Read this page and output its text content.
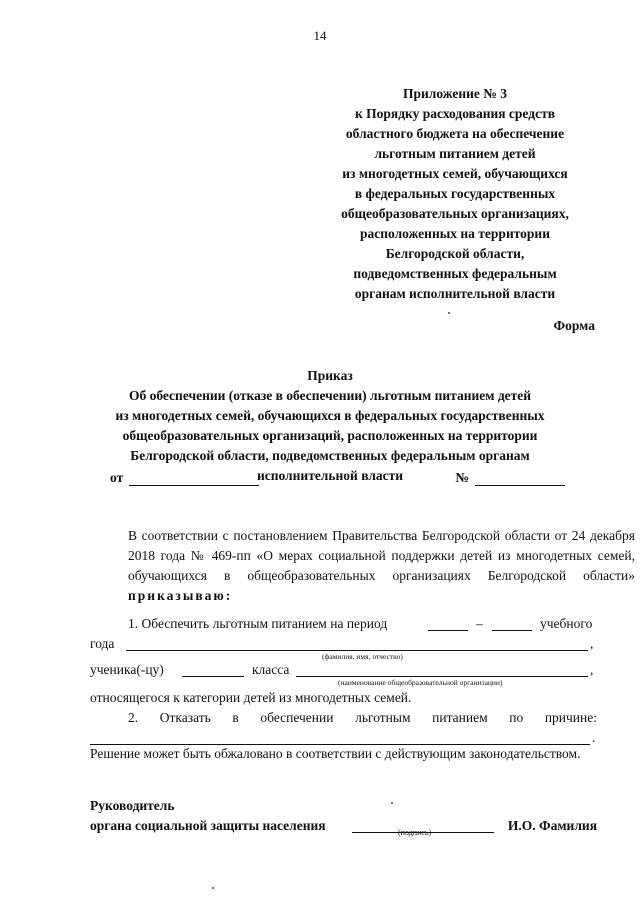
14
Приложение № 3
к Порядку расходования средств
областного бюджета на обеспечение
льготным питанием детей
из многодетных семей, обучающихся
в федеральных государственных
общеобразовательных организациях,
расположенных на территории
Белгородской области,
подведомственных федеральным
органам исполнительной власти
Форма
Приказ
Об обеспечении (отказе в обеспечении) льготным питанием детей
из многодетных семей, обучающихся в федеральных государственных
общеобразовательных организаций, расположенных на территории
Белгородской области, подведомственных федеральным органам
исполнительной власти
от	№
В соответствии с постановлением Правительства Белгородской области от 24 декабря 2018 года № 469-пп «О мерах социальной поддержки детей из многодетных семей, обучающихся в общеобразовательных организациях Белгородской области» приказываю:
1. Обеспечить льготным питанием на период	–	учебного
года	,
(фамилия, имя, отчество)
ученика(-цу)	класса	,
(наименование общеобразовательной организации)
относящегося к категории детей из многодетных семей.
2. Отказать в обеспечении льготным питанием по причине:
.
Решение может быть обжаловано в соответствии с действующим законодательством.
Руководитель
органа социальной защиты населения	И.О. Фамилия
(подпись)
